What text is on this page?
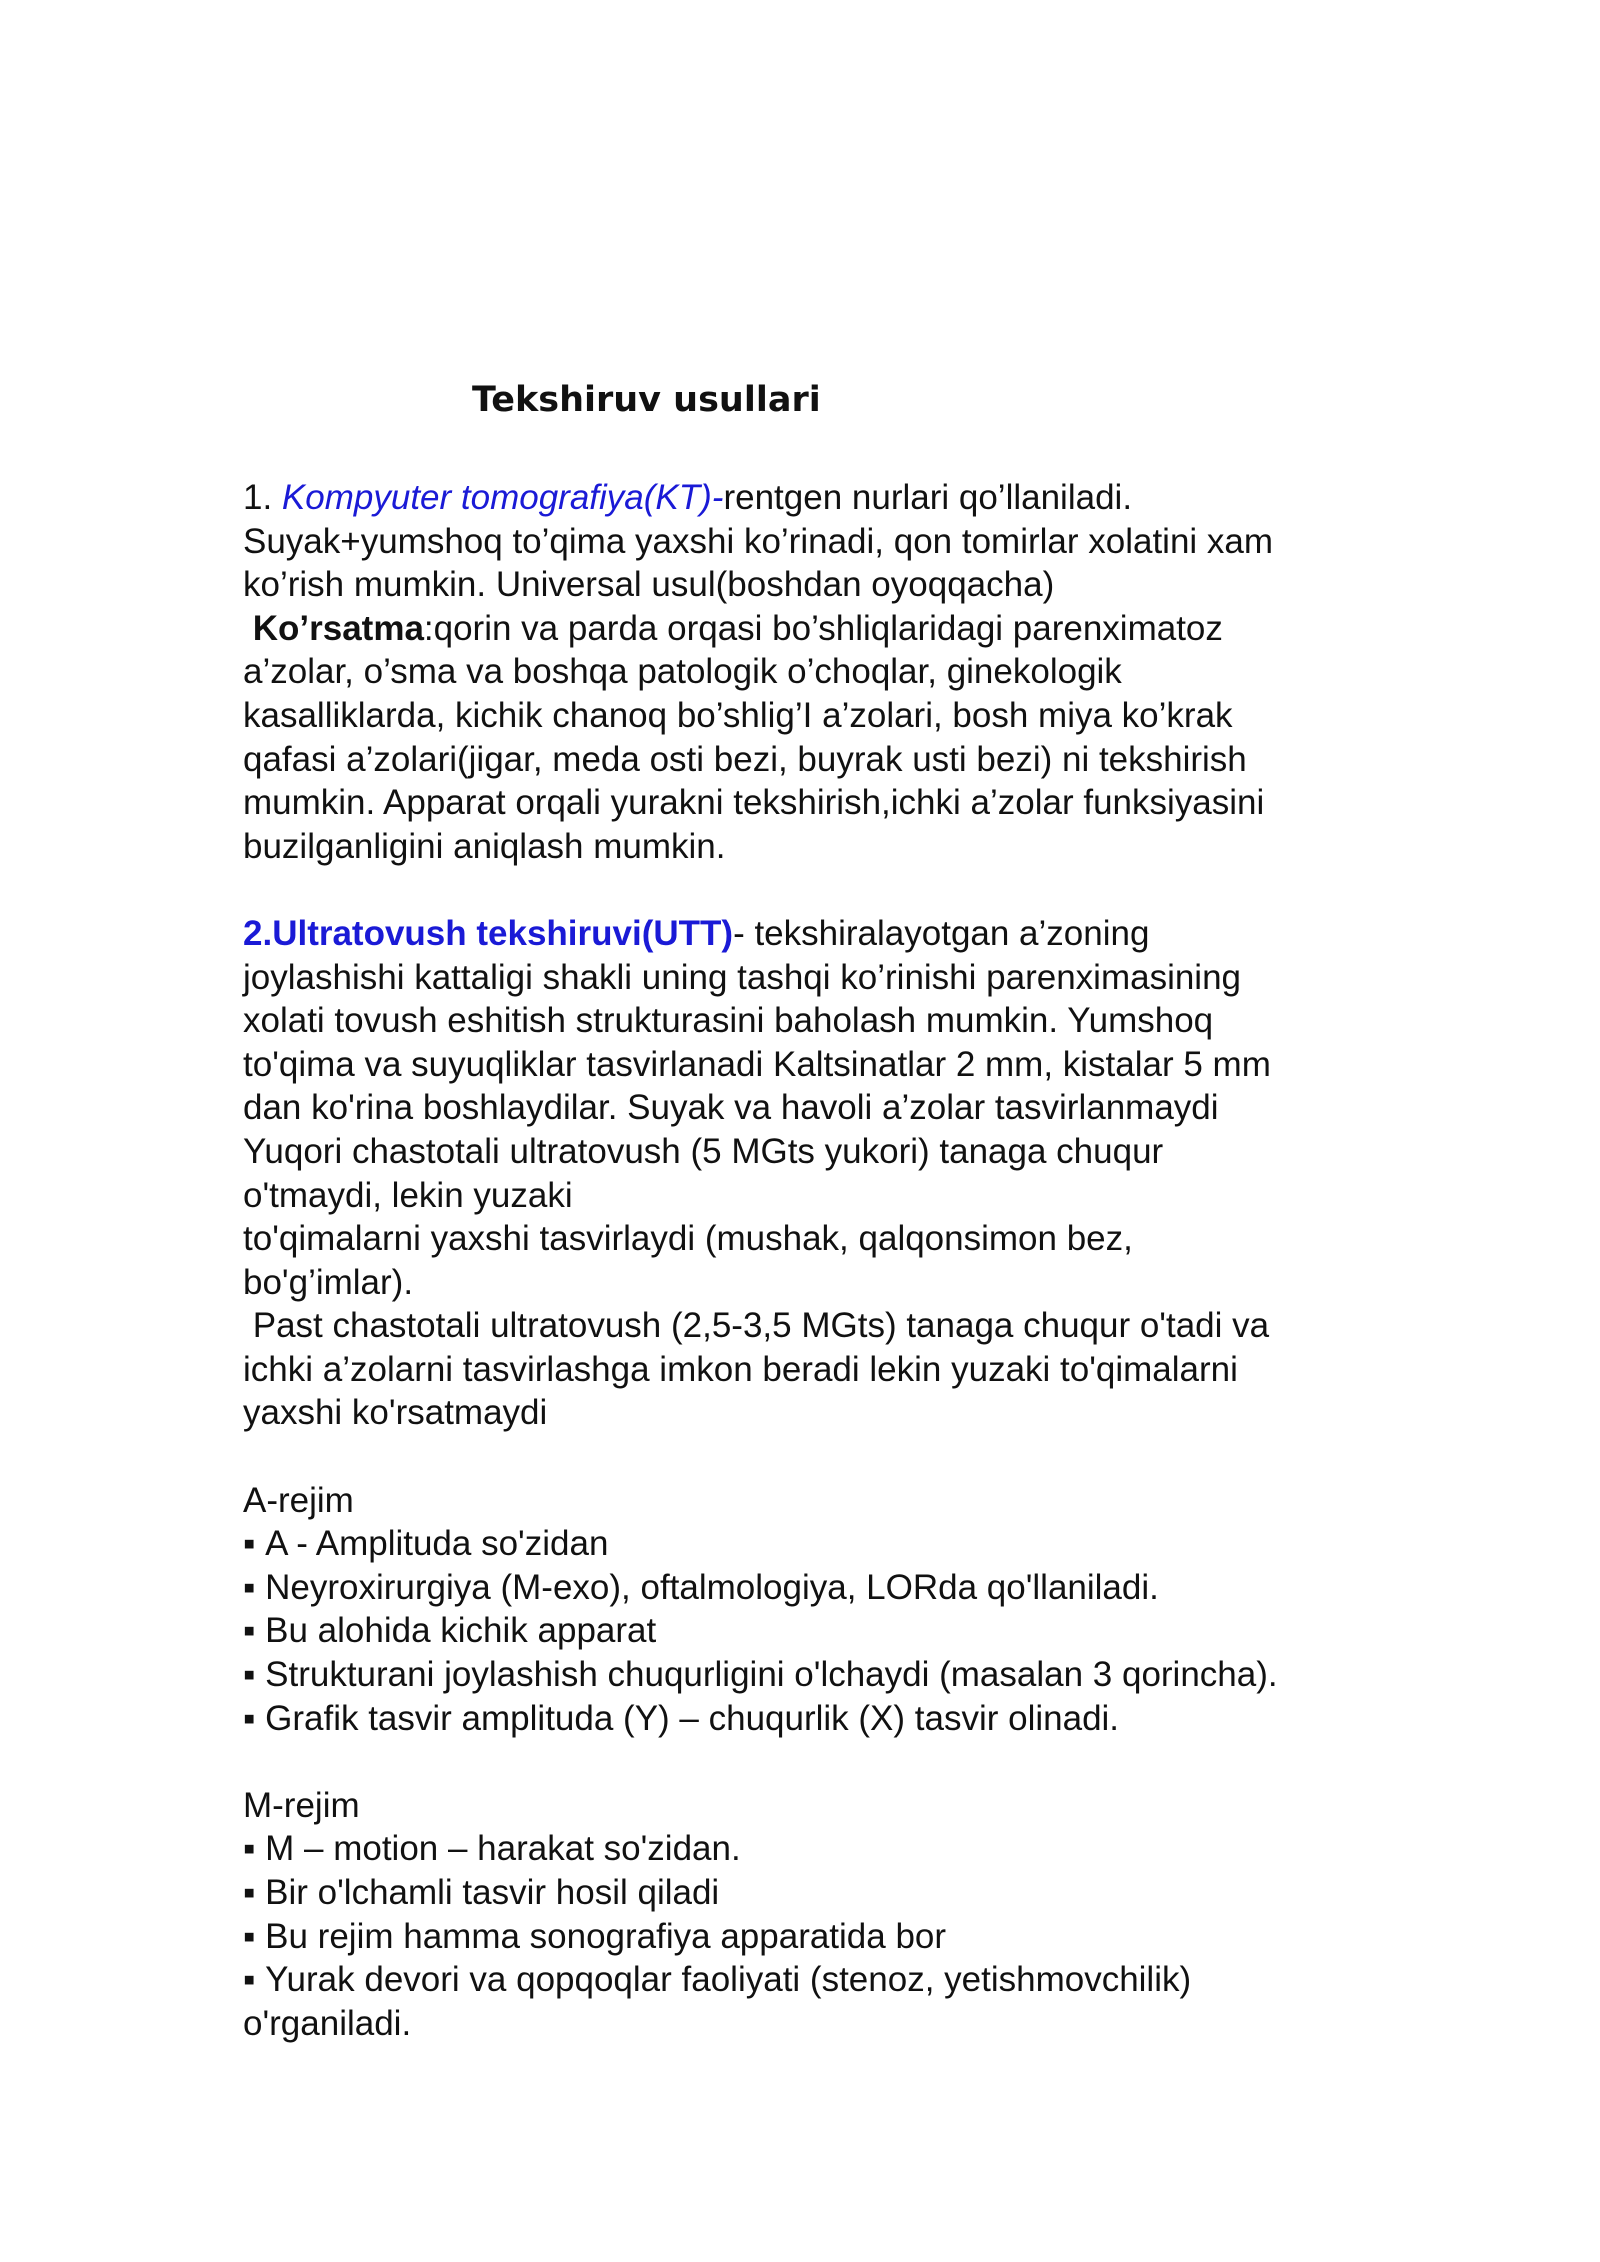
Tekshiruv usullari

1. Kompyuter tomografiya(KT)-rentgen nurlari qo’llaniladi.

Suyak+yumshoq to’qima yaxshi ko’rinadi, qon tomirlar xolatini xam

ko’rish mumkin. Universal usul(boshdan oyoqqacha)

Ko’rsatma:qorin va parda orqasi bo’shliqlaridagi parenximatoz

a’zolar, o’sma va boshqa patologik o’choqlar, ginekologik

kasalliklarda, kichik chanoq bo’shlig’I a’zolari, bosh miya ko’krak

qafasi a’zolari(jigar, meda osti bezi, buyrak usti bezi) ni tekshirish

mumkin. Apparat orqali yurakni tekshirish,ichki a’zolar funksiyasini

buzilganligini aniqlash mumkin.

2.Ultratovush tekshiruvi(UTT)- tekshiralayotgan a’zoning

joylashishi kattaligi shakli uning tashqi ko’rinishi parenximasining

xolati tovush eshitish strukturasini baholash mumkin. Yumshoq

to'qima va suyuqliklar tasvirlanadi Kaltsinatlar 2 mm, kistalar 5 mm

dan ko'rina boshlaydilar. Suyak va havoli a’zolar tasvirlanmaydi

Yuqori chastotali ultratovush (5 MGts yukori) tanaga chuqur

o'tmaydi, lekin yuzaki

to'qimalarni yaxshi tasvirlaydi (mushak, qalqonsimon bez,

bo'g’imlar).

Past chastotali ultratovush (2,5-3,5 MGts) tanaga chuqur o'tadi va

ichki a’zolarni tasvirlashga imkon beradi lekin yuzaki to'qimalarni

yaxshi ko'rsatmaydi

A-rejim

▪ A - Amplituda so'zidan

▪ Neyroxirurgiya (M-exo), oftalmologiya, LORda qo'llaniladi.

▪ Bu alohida kichik apparat

▪ Strukturani joylashish chuqurligini o'lchaydi (masalan 3 qorincha).

▪ Grafik tasvir amplituda (Y) – chuqurlik (X) tasvir olinadi.

M-rejim

▪ M – motion – harakat so'zidan.

▪ Bir o'lchamli tasvir hosil qiladi

▪ Bu rejim hamma sonografiya apparatida bor

▪ Yurak devori va qopqoqlar faoliyati (stenoz, yetishmovchilik)

o'rganiladi.
